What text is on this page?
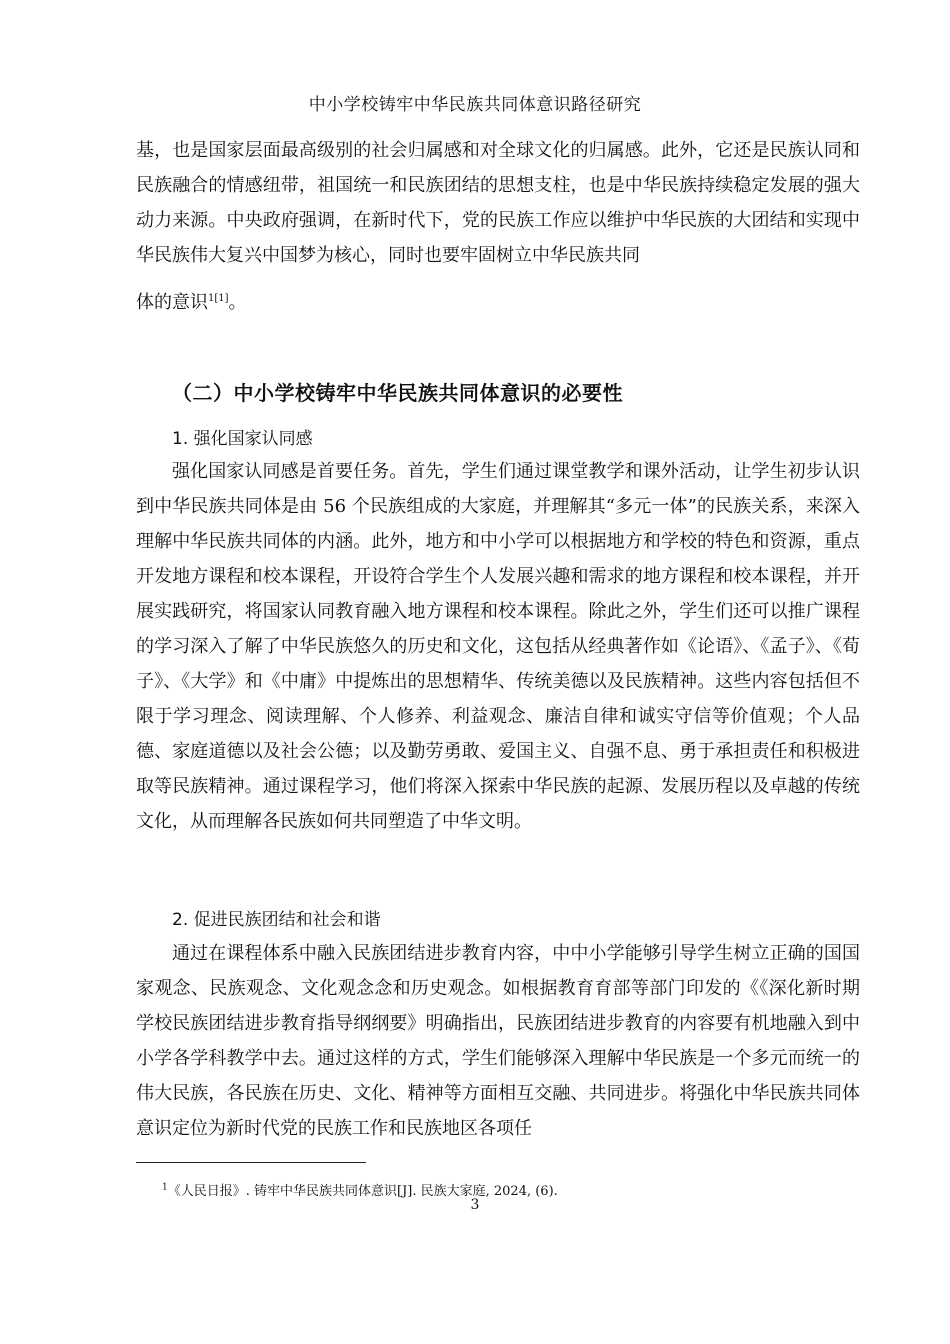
中小学校铸牢中华民族共同体意识路径研究

基，也是国家层面最高级别的社会归属感和对全球文化的归属感。此外，它还是民族认同和民族融合的情感纽带，祖国统一和民族团结的思想支柱，也是中华民族持续稳定发展的强大动力来源。中央政府强调，在新时代下，党的民族工作应以维护中华民族的大团结和实现中华民族伟大复兴中国梦为核心，同时也要牢固树立中华民族共同

体的意识$^{1[1]}$。

（二）中小学校铸牢中华民族共同体意识的必要性
1. 强化国家认同感

强化国家认同感是首要任务。首先，学生们通过课堂教学和课外活动，让学生初步认识到中华民族共同体是由 56 个民族组成的大家庭，并理解其“多元一体”的民族关系，来深入理解中华民族共同体的内涵。此外，地方和中小学可以根据地方和学校的特色和资源，重点开发地方课程和校本课程，开设符合学生个人发展兴趣和需求的地方课程和校本课程，并开展实践研究，将国家认同教育融入地方课程和校本课程。除此之外，学生们还可以推广课程的学习深入了解了中华民族悠久的历史和文化，这包括从经典著作如《论语》、《孟子》、《荀子》、《大学》和《中庸》中提炼出的思想精华、传统美德以及民族精神。这些内容包括但不限于学习理念、阅读理解、个人修养、利益观念、廉洁自律和诚实守信等价值观；个人品德、家庭道德以及社会公德；以及勤劳勇敢、爱国主义、自强不息、勇于承担责任和积极进取等民族精神。通过课程学习，他们将深入探索中华民族的起源、发展历程以及卓越的传统文化，从而理解各民族如何共同塑造了中华文明。

2. 促进民族团结和社会和谐

通过在课程体系中融入民族团结进步教育内容，中中小学能够引导学生树立正确的国国家观念、民族观念、文化观念念和历史观念。如根据教育育部等部门印发的《《深化新时期学校民族团结进步教育指导纲纲要》明确指出，民族团结进步教育的内容要有机地融入到中小学各学科教学中去。通过这样的方式，学生们能够深入理解中华民族是一个多元而统一的伟大民族，各民族在历史、文化、精神等方面相互交融、共同进步。将强化中华民族共同体意识定位为新时代党的民族工作和民族地区各项任

$^1$《人民日报》. 铸牢中华民族共同体意识[J]. 民族大家庭, 2024, (6).
3
